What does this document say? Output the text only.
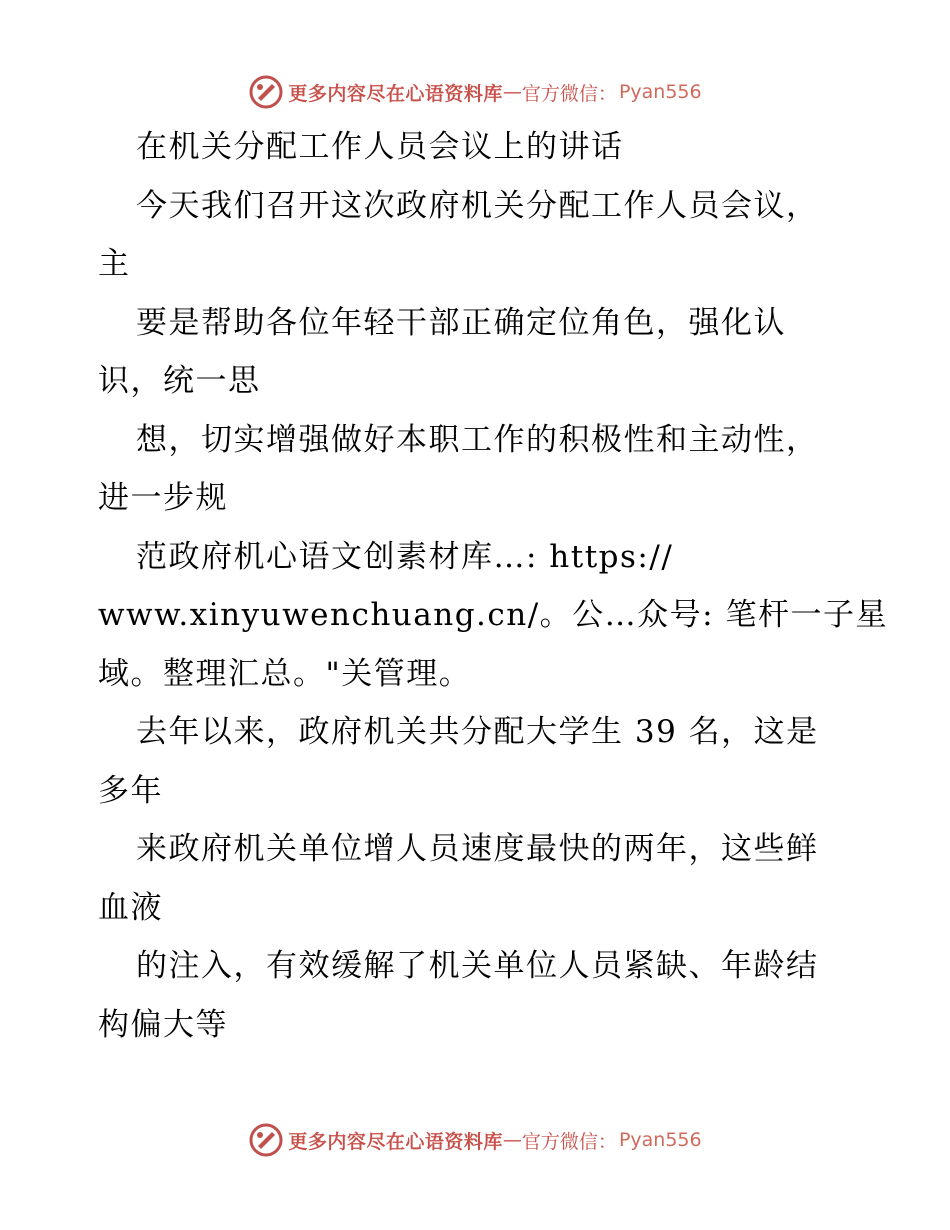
更多内容尽在心语资料库 — 官方微信： Pyan556
在机关分配工作人员会议上的讲话
今天我们召开这次政府机关分配工作人员会议，
主
要是帮助各位年轻干部正确定位角色，强化认
识，统一思
想，切实增强做好本职工作的积极性和主动性，
进一步规
范政府机心语文创素材库…: https://
www.xinyuwenchuang.cn/。公…众号: 笔杆一子星
域。整理汇总。"关管理。
去年以来，政府机关共分配大学生 39 名，这是
多年
来政府机关单位增人员速度最快的两年，这些鲜
血液
的注入，有效缓解了机关单位人员紧缺、年龄结
构偏大等
更多内容尽在心语资料库 — 官方微信： Pyan556
